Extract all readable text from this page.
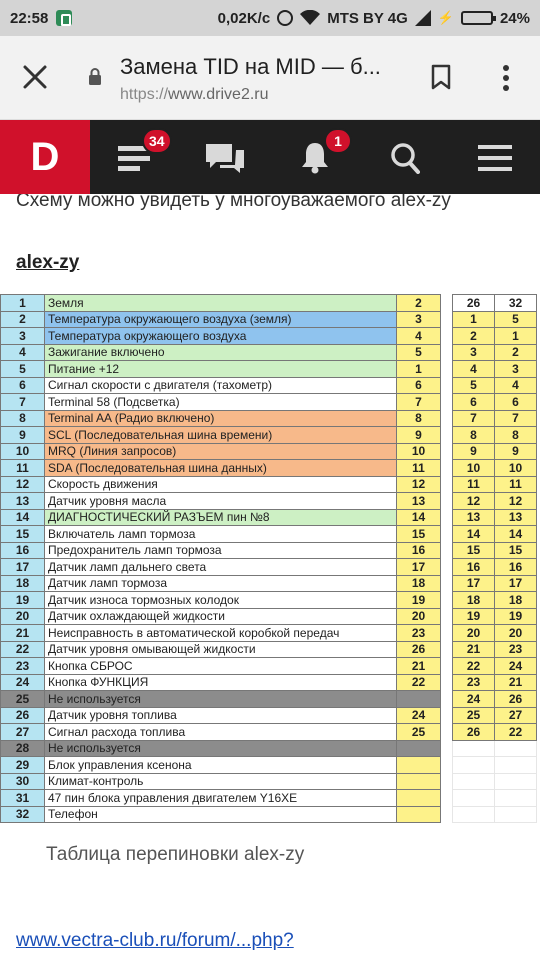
22:58	0,02K/c	MTS BY 4G ⚡	24%
Замена TID на MID — б...
https://www.drive2.ru
D	34	1
Схему можно увидеть у многоуважаемого alex-zy
alex-zy
1	Земля	2
2	Температура окружающего воздуха (земля)	3
3	Температура окружающего воздуха	4
4	Зажигание включено	5
5	Питание +12	1
6	Сигнал скорости с двигателя (тахометр)	6
7	Terminal 58 (Подсветка)	7
8	Terminal AA (Радио включено)	8
9	SCL (Последовательная шина времени)	9
10	MRQ (Линия запросов)	10
11	SDA (Последовательная шина данных)	11
12	Скорость движения	12
13	Датчик уровня масла	13
14	ДИАГНОСТИЧЕСКИЙ РАЗЪЕМ пин №8	14
15	Включатель ламп тормоза	15
16	Предохранитель ламп тормоза	16
17	Датчик ламп дальнего света	17
18	Датчик ламп тормоза	18
19	Датчик износа тормозных колодок	19
20	Датчик охлаждающей жидкости	20
21	Неисправность в автоматической коробкой передач	23
22	Датчик уровня омывающей жидкости	26
23	Кнопка СБРОС	21
24	Кнопка ФУНКЦИЯ	22
25	Не используется	
26	Датчик уровня топлива	24
27	Сигнал расхода топлива	25
28	Не используется	
29	Блок управления ксенона	
30	Климат-контроль	
31	47 пин блока управления двигателем Y16XE	
32	Телефон	
26	32
1	5
2	1
3	2
4	3
5	4
6	6
7	7
8	8
9	9
10	10
11	11
12	12
13	13
14	14
15	15
16	16
17	17
18	18
19	19
20	20
21	23
22	24
23	21
24	26
25	27
26	22

Таблица перепиновки alex-zy
www.vectra-club.ru/forum/...php?
